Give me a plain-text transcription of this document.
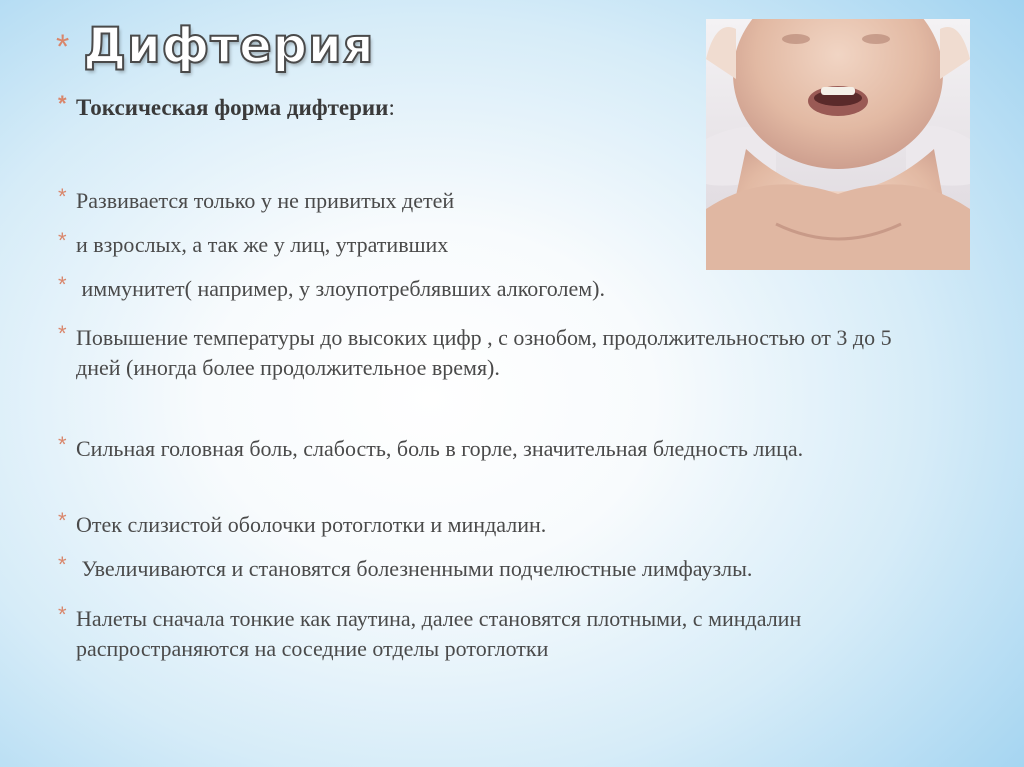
* Дифтерия
* Токсическая форма дифтерии:
* Развивается только у не привитых детей
* и взрослых, а так же у лиц, утративших
* иммунитет( например, у злоупотреблявших алкоголем).
* Повышение температуры до высоких цифр , с ознобом, продолжительностью от 3 до 5 дней (иногда более продолжительное время).
* Сильная головная боль, слабость, боль в горле, значительная бледность лица.
* Отек слизистой оболочки ротоглотки и миндалин.
* Увеличиваются и становятся болезненными подчелюстные лимфаузлы.
* Налеты сначала тонкие как паутина, далее становятся плотными, с миндалин распространяются на соседние отделы ротоглотки
